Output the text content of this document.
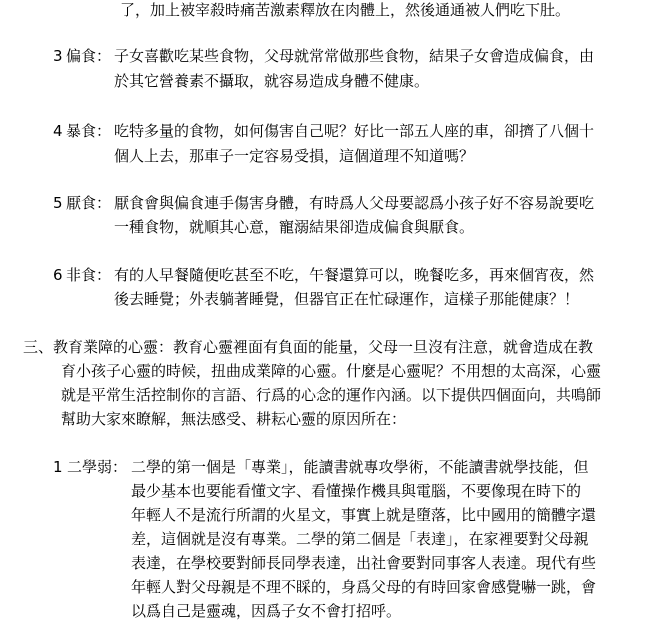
了，加上被宰殺時痛苦激素釋放在肉體上，然後通通被人們吃下肚。
3 偏食： 子女喜歡吃某些食物，父母就常常做那些食物，結果子女會造成偏食，由
於其它營養素不攝取，就容易造成身體不健康。
4 暴食： 吃特多量的食物，如何傷害自己呢？好比一部五人座的車，卻擠了八個十
個人上去，那車子一定容易受損，這個道理不知道嗎？
5 厭食： 厭食會與偏食連手傷害身體，有時爲人父母要認爲小孩子好不容易說要吃
一種食物，就順其心意，寵溺結果卻造成偏食與厭食。
6 非食： 有的人早餐隨便吃甚至不吃，午餐還算可以，晚餐吃多，再來個宵夜，然
後去睡覺；外表躺著睡覺，但器官正在忙碌運作，這樣子那能健康？！
三、教育業障的心靈：教育心靈裡面有負面的能量，父母一旦沒有注意，就會造成在教
育小孩子心靈的時候，扭曲成業障的心靈。什麼是心靈呢？不用想的太高深，心靈
就是平常生活控制你的言語、行爲的心念的運作內涵。以下提供四個面向，共鳴師
幫助大家來瞭解，無法感受、耕耘心靈的原因所在：
1 二學弱： 二學的第一個是「專業」，能讀書就專攻學術，不能讀書就學技能，但
最少基本也要能看懂文字、看懂操作機具與電腦，不要像現在時下的
年輕人不是流行所謂的火星文，事實上就是墮落，比中國用的簡體字還
差，這個就是沒有專業。二學的第二個是「表達」，在家裡要對父母親
表達，在學校要對師長同學表達，出社會要對同事客人表達。現代有些
年輕人對父母親是不理不睬的，身爲父母的有時回家會感覺嚇一跳，會
以爲自己是靈魂，因爲子女不會打招呼。
